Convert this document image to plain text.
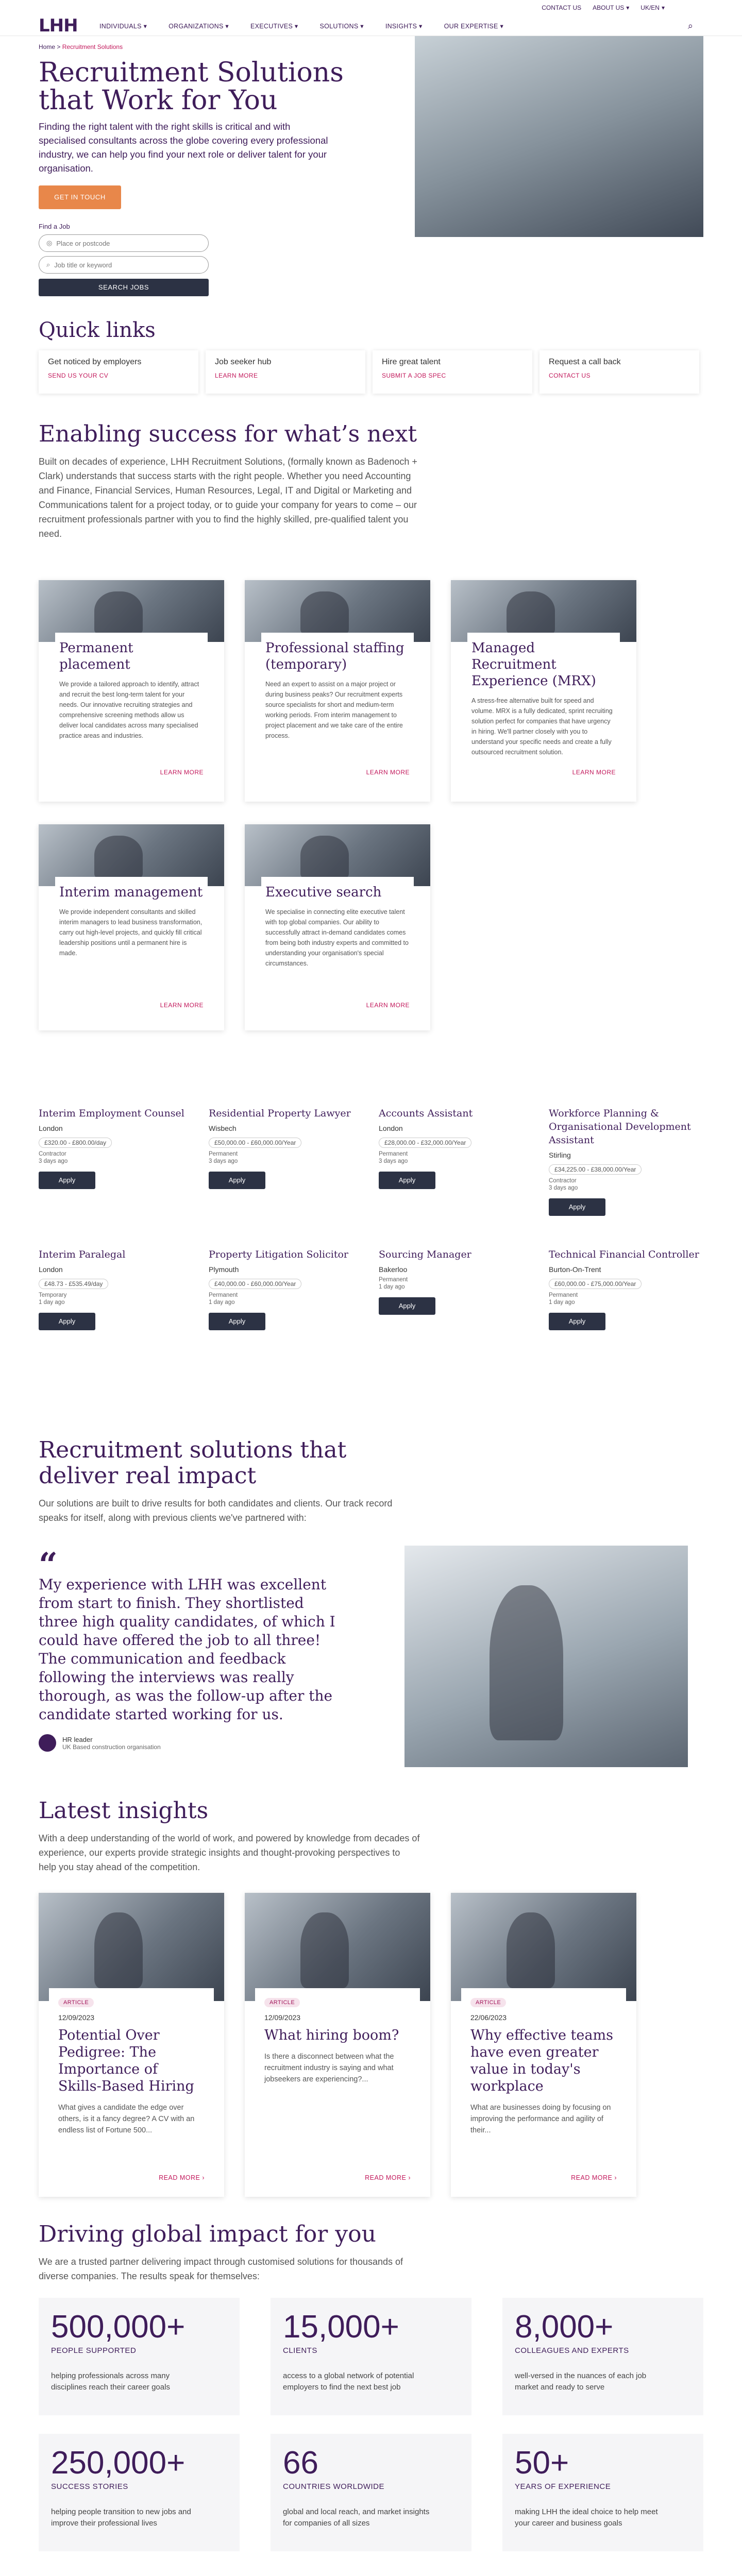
CONTACT US ABOUT US ▾ UK/EN ▾
LHH	INDIVIDUALS ▾	ORGANIZATIONS ▾	EXECUTIVES ▾	SOLUTIONS ▾	INSIGHTS ▾	OUR EXPERTISE ▾	⌕
Home > Recruitment Solutions
Recruitment Solutions that Work for You

Finding the right talent with the right skills is critical and with specialised consultants across the globe covering every professional industry, we can help you find your next role or deliver talent for your organisation.

GET IN TOUCH
Find a Job
◎ Place or postcode
⌕ Job title or keyword
SEARCH JOBS
Quick links
Get noticed by employers
SEND US YOUR CV
Job seeker hub
LEARN MORE
Hire great talent
SUBMIT A JOB SPEC
Request a call back
CONTACT US
Enabling success for what’s next

Built on decades of experience, LHH Recruitment Solutions, (formally known as Badenoch + Clark) understands that success starts with the right people. Whether you need Accounting and Finance, Financial Services, Human Resources, Legal, IT and Digital or Marketing and Communications talent for a project today, or to guide your company for years to come – our recruitment professionals partner with you to find the highly skilled, pre-qualified talent you need.

Permanent placement

We provide a tailored approach to identify, attract and recruit the best long-term talent for your needs. Our innovative recruiting strategies and comprehensive screening methods allow us deliver local candidates across many specialised practice areas and industries.

LEARN MORE
Professional staffing (temporary)

Need an expert to assist on a major project or during business peaks? Our recruitment experts source specialists for short and medium-term working periods. From interim management to project placement and we take care of the entire process.

LEARN MORE
Managed Recruitment Experience (MRX)

A stress-free alternative built for speed and volume. MRX is a fully dedicated, sprint recruiting solution perfect for companies that have urgency in hiring. We'll partner closely with you to understand your specific needs and create a fully outsourced recruitment solution.

LEARN MORE
Interim management

We provide independent consultants and skilled interim managers to lead business transformation, carry out high-level projects, and quickly fill critical leadership positions until a permanent hire is made.

LEARN MORE
Executive search

We specialise in connecting elite executive talent with top global companies. Our ability to successfully attract in-demand candidates comes from being both industry experts and committed to understanding your organisation's special circumstances.

LEARN MORE
Interim Employment Counsel
London
£320.00 - £800.00/day
Contractor
3 days ago
Apply
Residential Property Lawyer
Wisbech
£50,000.00 - £60,000.00/Year
Permanent
3 days ago
Apply
Accounts Assistant
London
£28,000.00 - £32,000.00/Year
Permanent
3 days ago
Apply
Workforce Planning & Organisational Development Assistant
Stirling
£34,225.00 - £38,000.00/Year
Contractor
3 days ago
Apply
Interim Paralegal
London
£48.73 - £535.49/day
Temporary
1 day ago
Apply
Property Litigation Solicitor
Plymouth
£40,000.00 - £60,000.00/Year
Permanent
1 day ago
Apply
Sourcing Manager
Bakerloo
Permanent
1 day ago
Apply
Technical Financial Controller
Burton-On-Trent
£60,000.00 - £75,000.00/Year
Permanent
1 day ago
Apply
Recruitment solutions that deliver real impact

Our solutions are built to drive results for both candidates and clients. Our track record speaks for itself, along with previous clients we've partnered with:

“
My experience with LHH was excellent from start to finish. They shortlisted three high quality candidates, of which I could have offered the job to all three! The communication and feedback following the interviews was really thorough, as was the follow-up after the candidate started working for us.
HR leader
UK Based construction organisation
Latest insights

With a deep understanding of the world of work, and powered by knowledge from decades of experience, our experts provide strategic insights and thought-provoking perspectives to help you stay ahead of the competition.

ARTICLE
12/09/2023
Potential Over Pedigree: The Importance of Skills-Based Hiring

What gives a candidate the edge over others, is it a fancy degree? A CV with an endless list of Fortune 500...

READ MORE ›
ARTICLE
12/09/2023
What hiring boom?

Is there a disconnect between what the recruitment industry is saying and what jobseekers are experiencing?...

READ MORE ›
ARTICLE
22/06/2023
Why effective teams have even greater value in today's workplace

What are businesses doing by focusing on improving the performance and agility of their...

READ MORE ›
Driving global impact for you

We are a trusted partner delivering impact through customised solutions for thousands of diverse companies. The results speak for themselves:

500,000+
PEOPLE SUPPORTED
helping professionals across many disciplines reach their career goals
15,000+
CLIENTS
access to a global network of potential employers to find the next best job
8,000+
COLLEAGUES AND EXPERTS
well-versed in the nuances of each job market and ready to serve
250,000+
SUCCESS STORIES
helping people transition to new jobs and improve their professional lives
66
COUNTRIES WORLDWIDE
global and local reach, and market insights for companies of all sizes
50+
YEARS OF EXPERIENCE
making LHH the ideal choice to help meet your career and business goals
